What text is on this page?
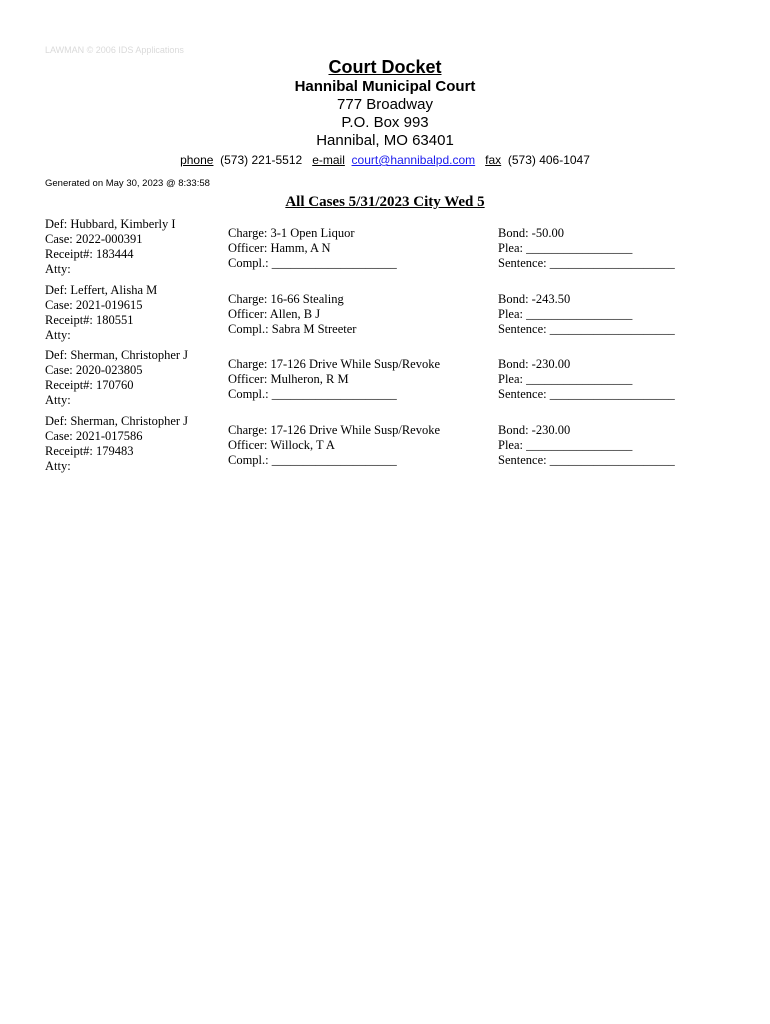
LAWMAN © 2006 IDS Applications
Court Docket
Hannibal Municipal Court
777 Broadway
P.O. Box 993
Hannibal, MO 63401
phone (573) 221-5512 e-mail court@hannibalpd.com fax (573) 406-1047
Generated on May 30, 2023 @ 8:33:58
All Cases 5/31/2023 City Wed 5
Def: Hubbard, Kimberly I
Case: 2022-000391
Receipt#: 183444
Atty:
Charge: 3-1 Open Liquor
Officer: Hamm, A N
Compl.: ____________________
Bond: -50.00
Plea: _________________
Sentence: ____________________
Def: Leffert, Alisha M
Case: 2021-019615
Receipt#: 180551
Atty:
Charge: 16-66 Stealing
Officer: Allen, B J
Compl.: Sabra M Streeter
Bond: -243.50
Plea: _________________
Sentence: ____________________
Def: Sherman, Christopher J
Case: 2020-023805
Receipt#: 170760
Atty:
Charge: 17-126 Drive While Susp/Revoke
Officer: Mulheron, R M
Compl.: ____________________
Bond: -230.00
Plea: _________________
Sentence: ____________________
Def: Sherman, Christopher J
Case: 2021-017586
Receipt#: 179483
Atty:
Charge: 17-126 Drive While Susp/Revoke
Officer: Willock, T A
Compl.: ____________________
Bond: -230.00
Plea: _________________
Sentence: ____________________
